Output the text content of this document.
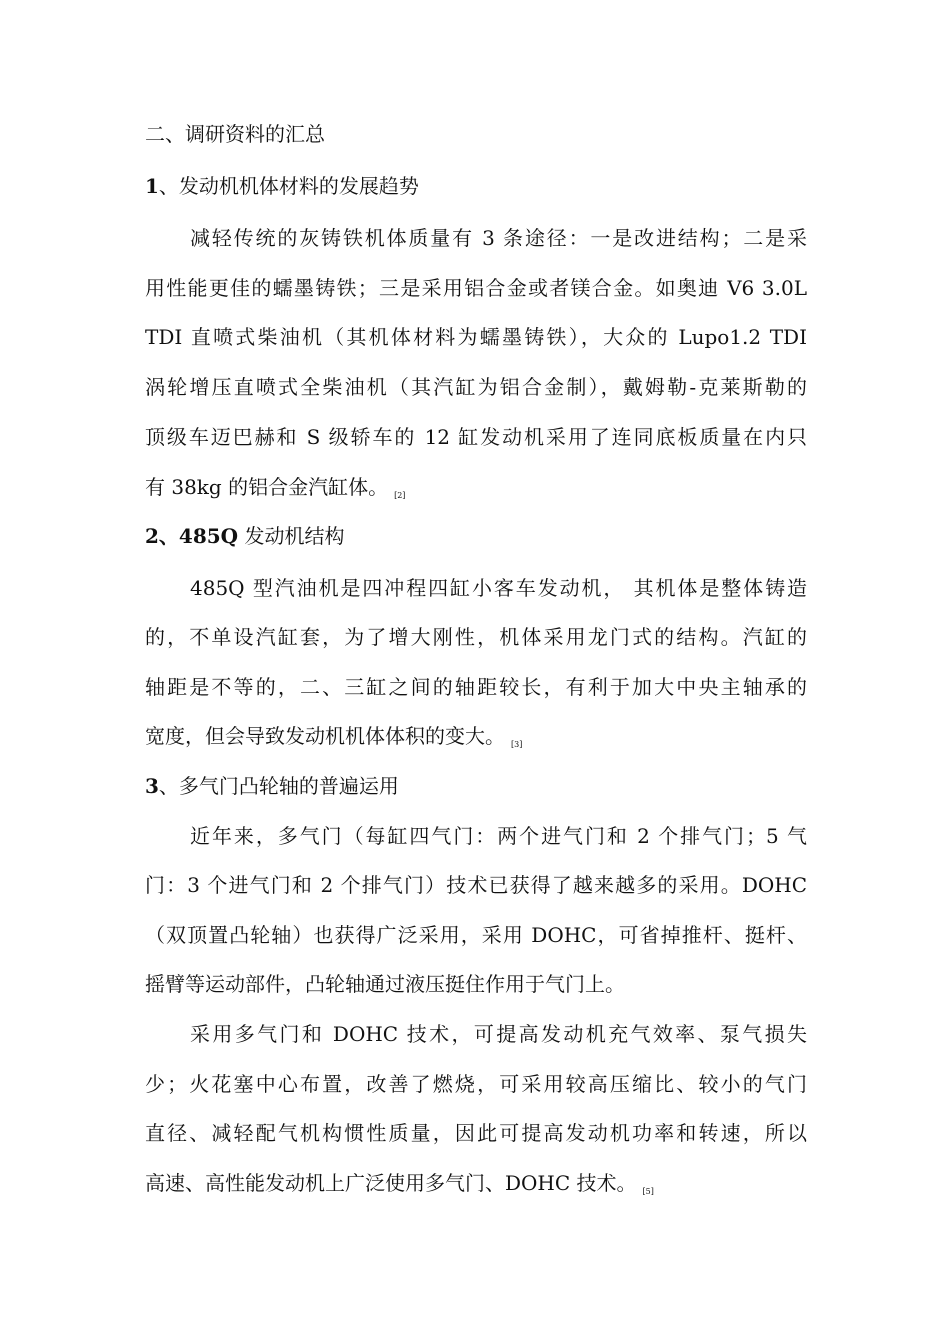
二、调研资料的汇总
1、发动机机体材料的发展趋势
减轻传统的灰铸铁机体质量有 3 条途径：一是改进结构；二是采
用性能更佳的蠕墨铸铁；三是采用铝合金或者镁合金。如奥迪 V6 3.0L
TDI 直喷式柴油机（其机体材料为蠕墨铸铁），大众的 Lupo1.2 TDI
涡轮增压直喷式全柴油机（其汽缸为铝合金制），戴姆勒-克莱斯勒的
顶级车迈巴赫和 S 级轿车的 12 缸发动机采用了连同底板质量在内只
有 38kg 的铝合金汽缸体。 $_{[2]}$
2、485Q 发动机结构
485Q 型汽油机是四冲程四缸小客车发动机， 其机体是整体铸造
的，不单设汽缸套，为了增大刚性，机体采用龙门式的结构。汽缸的
轴距是不等的，二、三缸之间的轴距较长，有利于加大中央主轴承的
宽度，但会导致发动机机体体积的变大。 $_{[3]}$
3、多气门凸轮轴的普遍运用
近年来，多气门（每缸四气门：两个进气门和 2 个排气门；5 气
门：3 个进气门和 2 个排气门）技术已获得了越来越多的采用。DOHC
（双顶置凸轮轴）也获得广泛采用，采用 DOHC，可省掉推杆、挺杆、
摇臂等运动部件，凸轮轴通过液压挺住作用于气门上。
采用多气门和 DOHC 技术，可提高发动机充气效率、泵气损失
少；火花塞中心布置，改善了燃烧，可采用较高压缩比、较小的气门
直径、减轻配气机构惯性质量，因此可提高发动机功率和转速，所以
高速、高性能发动机上广泛使用多气门、DOHC 技术。 $_{[5]}$
